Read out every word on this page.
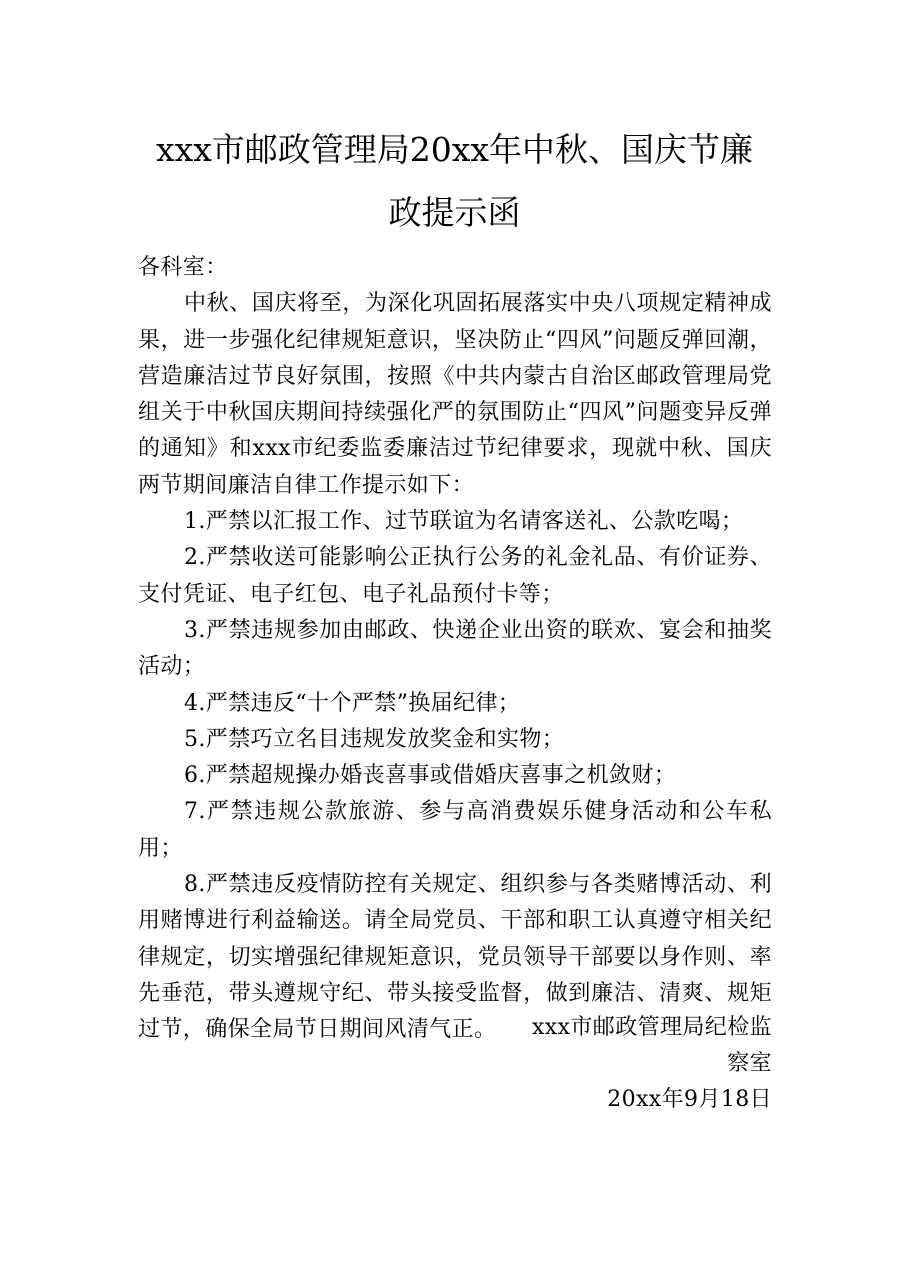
xxx市邮政管理局20xx年中秋、国庆节廉
政提示函

各科室：

中秋、国庆将至，为深化巩固拓展落实中央八项规定精神成果，进一步强化纪律规矩意识，坚决防止“四风”问题反弹回潮，营造廉洁过节良好氛围，按照《中共内蒙古自治区邮政管理局党组关于中秋国庆期间持续强化严的氛围防止“四风”问题变异反弹的通知》和xxx市纪委监委廉洁过节纪律要求，现就中秋、国庆两节期间廉洁自律工作提示如下：

1.严禁以汇报工作、过节联谊为名请客送礼、公款吃喝；

2.严禁收送可能影响公正执行公务的礼金礼品、有价证券、支付凭证、电子红包、电子礼品预付卡等；

3.严禁违规参加由邮政、快递企业出资的联欢、宴会和抽奖活动；

4.严禁违反“十个严禁”换届纪律；

5.严禁巧立名目违规发放奖金和实物；

6.严禁超规操办婚丧喜事或借婚庆喜事之机敛财；

7.严禁违规公款旅游、参与高消费娱乐健身活动和公车私用；

8.严禁违反疫情防控有关规定、组织参与各类赌博活动、利用赌博进行利益输送。请全局党员、干部和职工认真遵守相关纪律规定，切实增强纪律规矩意识，党员领导干部要以身作则、率先垂范，带头遵规守纪、带头接受监督，做到廉洁、清爽、规矩过节，确保全局节日期间风清气正。	xxx市邮政管理局纪检监
察室
20xx年9月18日
